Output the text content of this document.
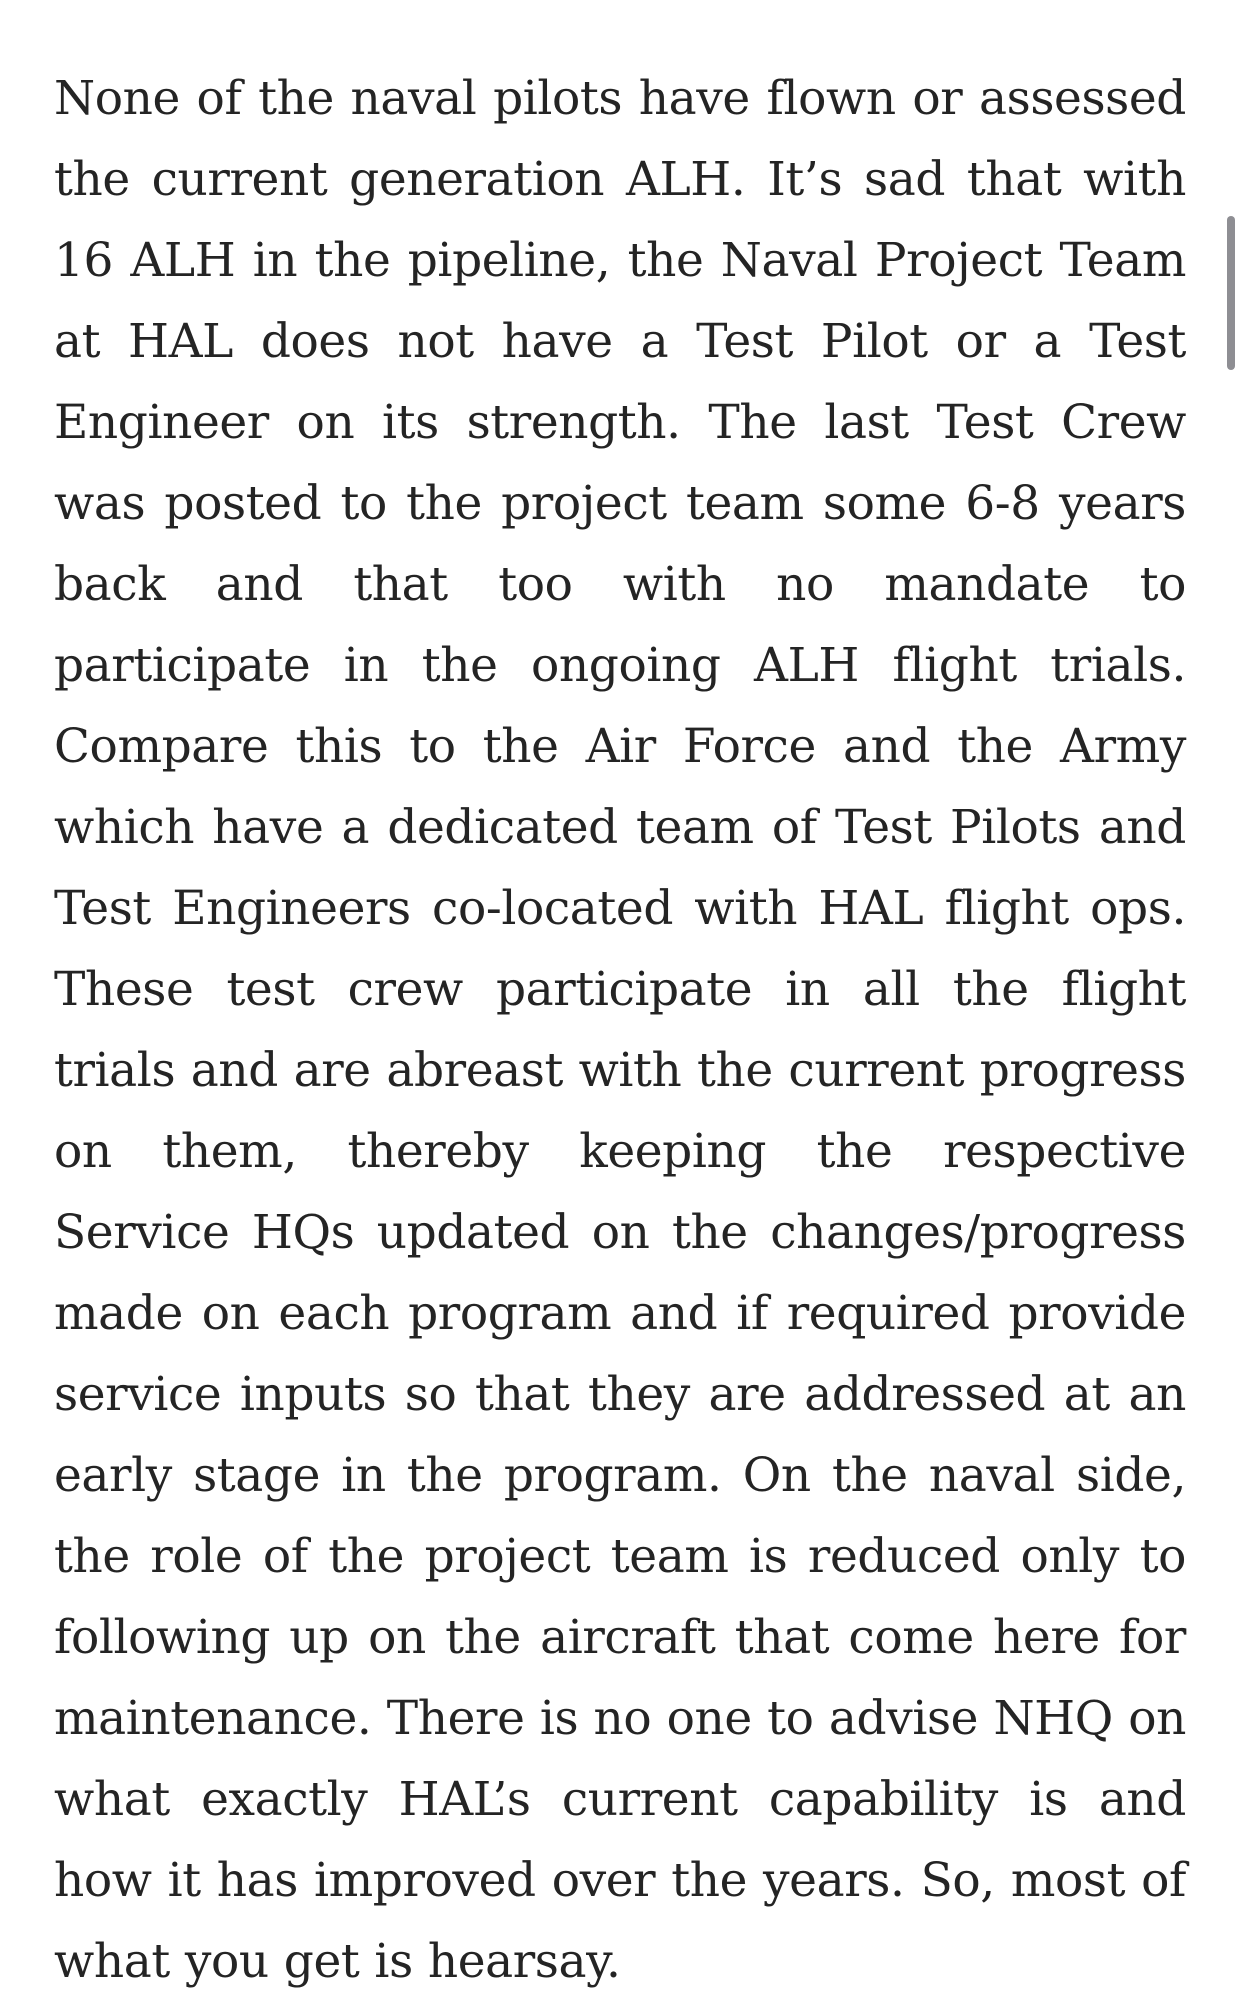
None of the naval pilots have flown or assessed the current generation ALH. It’s sad that with 16 ALH in the pipeline, the Naval Project Team at HAL does not have a Test Pilot or a Test Engineer on its strength. The last Test Crew was posted to the project team some 6-8 years back and that too with no mandate to participate in the ongoing ALH flight trials. Compare this to the Air Force and the Army which have a dedicated team of Test Pilots and Test Engineers co-located with HAL flight ops. These test crew participate in all the flight trials and are abreast with the current progress on them, thereby keeping the respective Service HQs updated on the changes/progress made on each program and if required provide service inputs so that they are addressed at an early stage in the program. On the naval side, the role of the project team is reduced only to following up on the aircraft that come here for maintenance. There is no one to advise NHQ on what exactly HAL’s current capability is and how it has improved over the years. So, most of what you get is hearsay.
